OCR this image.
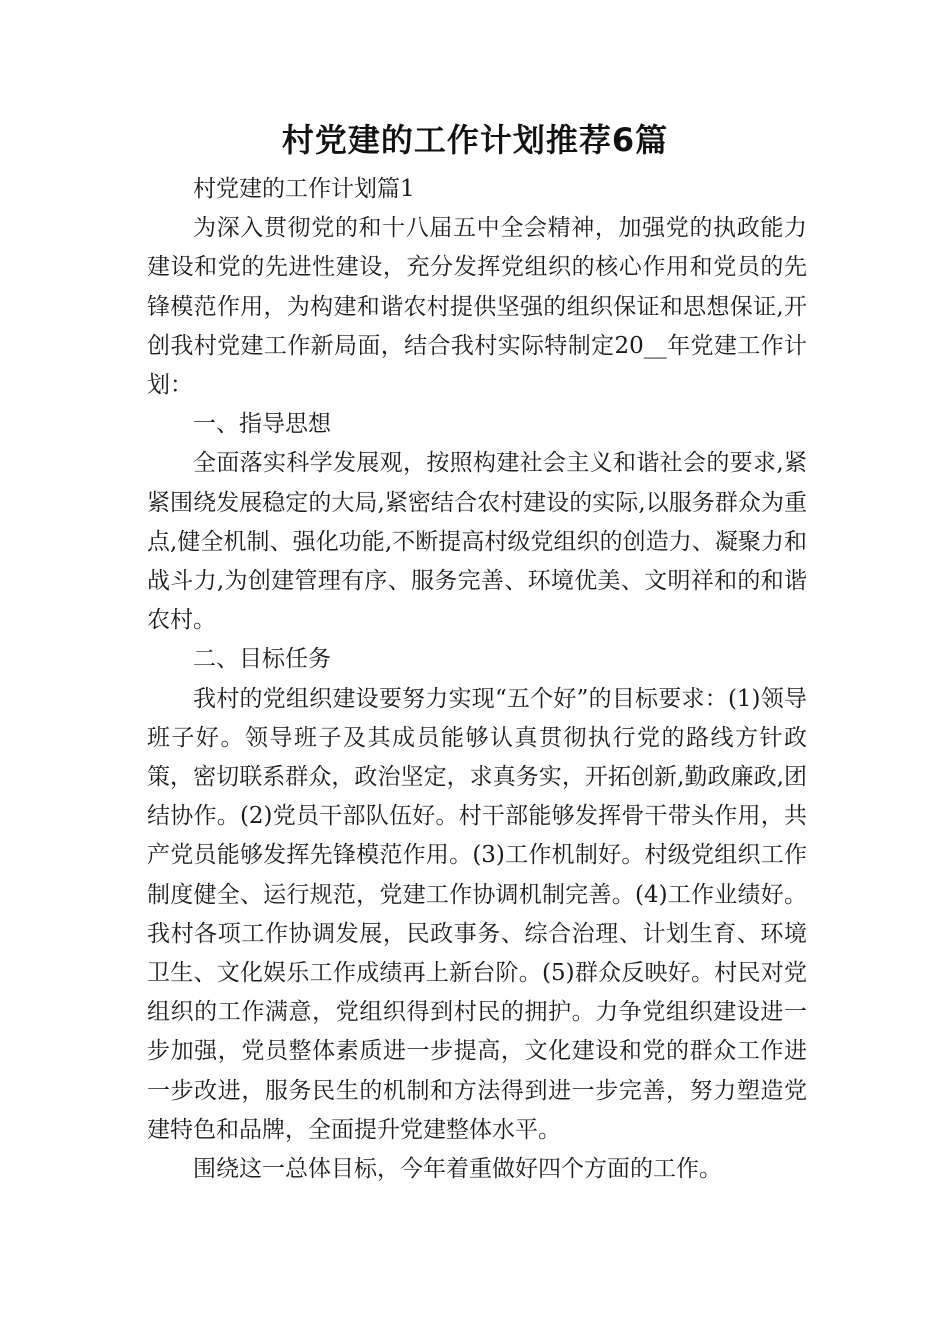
村党建的工作计划推荐6篇

村党建的工作计划篇1

为深入贯彻党的和十八届五中全会精神，加强党的执政能力建设和党的先进性建设，充分发挥党组织的核心作用和党员的先锋模范作用，为构建和谐农村提供坚强的组织保证和思想保证,开创我村党建工作新局面，结合我村实际特制定20__年党建工作计划：

一、指导思想

全面落实科学发展观，按照构建社会主义和谐社会的要求,紧紧围绕发展稳定的大局,紧密结合农村建设的实际,以服务群众为重点,健全机制、强化功能,不断提高村级党组织的创造力、凝聚力和战斗力,为创建管理有序、服务完善、环境优美、文明祥和的和谐农村。

二、目标任务

我村的党组织建设要努力实现“五个好”的目标要求：(1)领导班子好。领导班子及其成员能够认真贯彻执行党的路线方针政策，密切联系群众，政治坚定，求真务实，开拓创新,勤政廉政,团结协作。(2)党员干部队伍好。村干部能够发挥骨干带头作用，共产党员能够发挥先锋模范作用。(3)工作机制好。村级党组织工作制度健全、运行规范，党建工作协调机制完善。(4)工作业绩好。我村各项工作协调发展，民政事务、综合治理、计划生育、环境卫生、文化娱乐工作成绩再上新台阶。(5)群众反映好。村民对党组织的工作满意，党组织得到村民的拥护。力争党组织建设进一步加强，党员整体素质进一步提高，文化建设和党的群众工作进一步改进，服务民生的机制和方法得到进一步完善，努力塑造党建特色和品牌，全面提升党建整体水平。

围绕这一总体目标，今年着重做好四个方面的工作。
